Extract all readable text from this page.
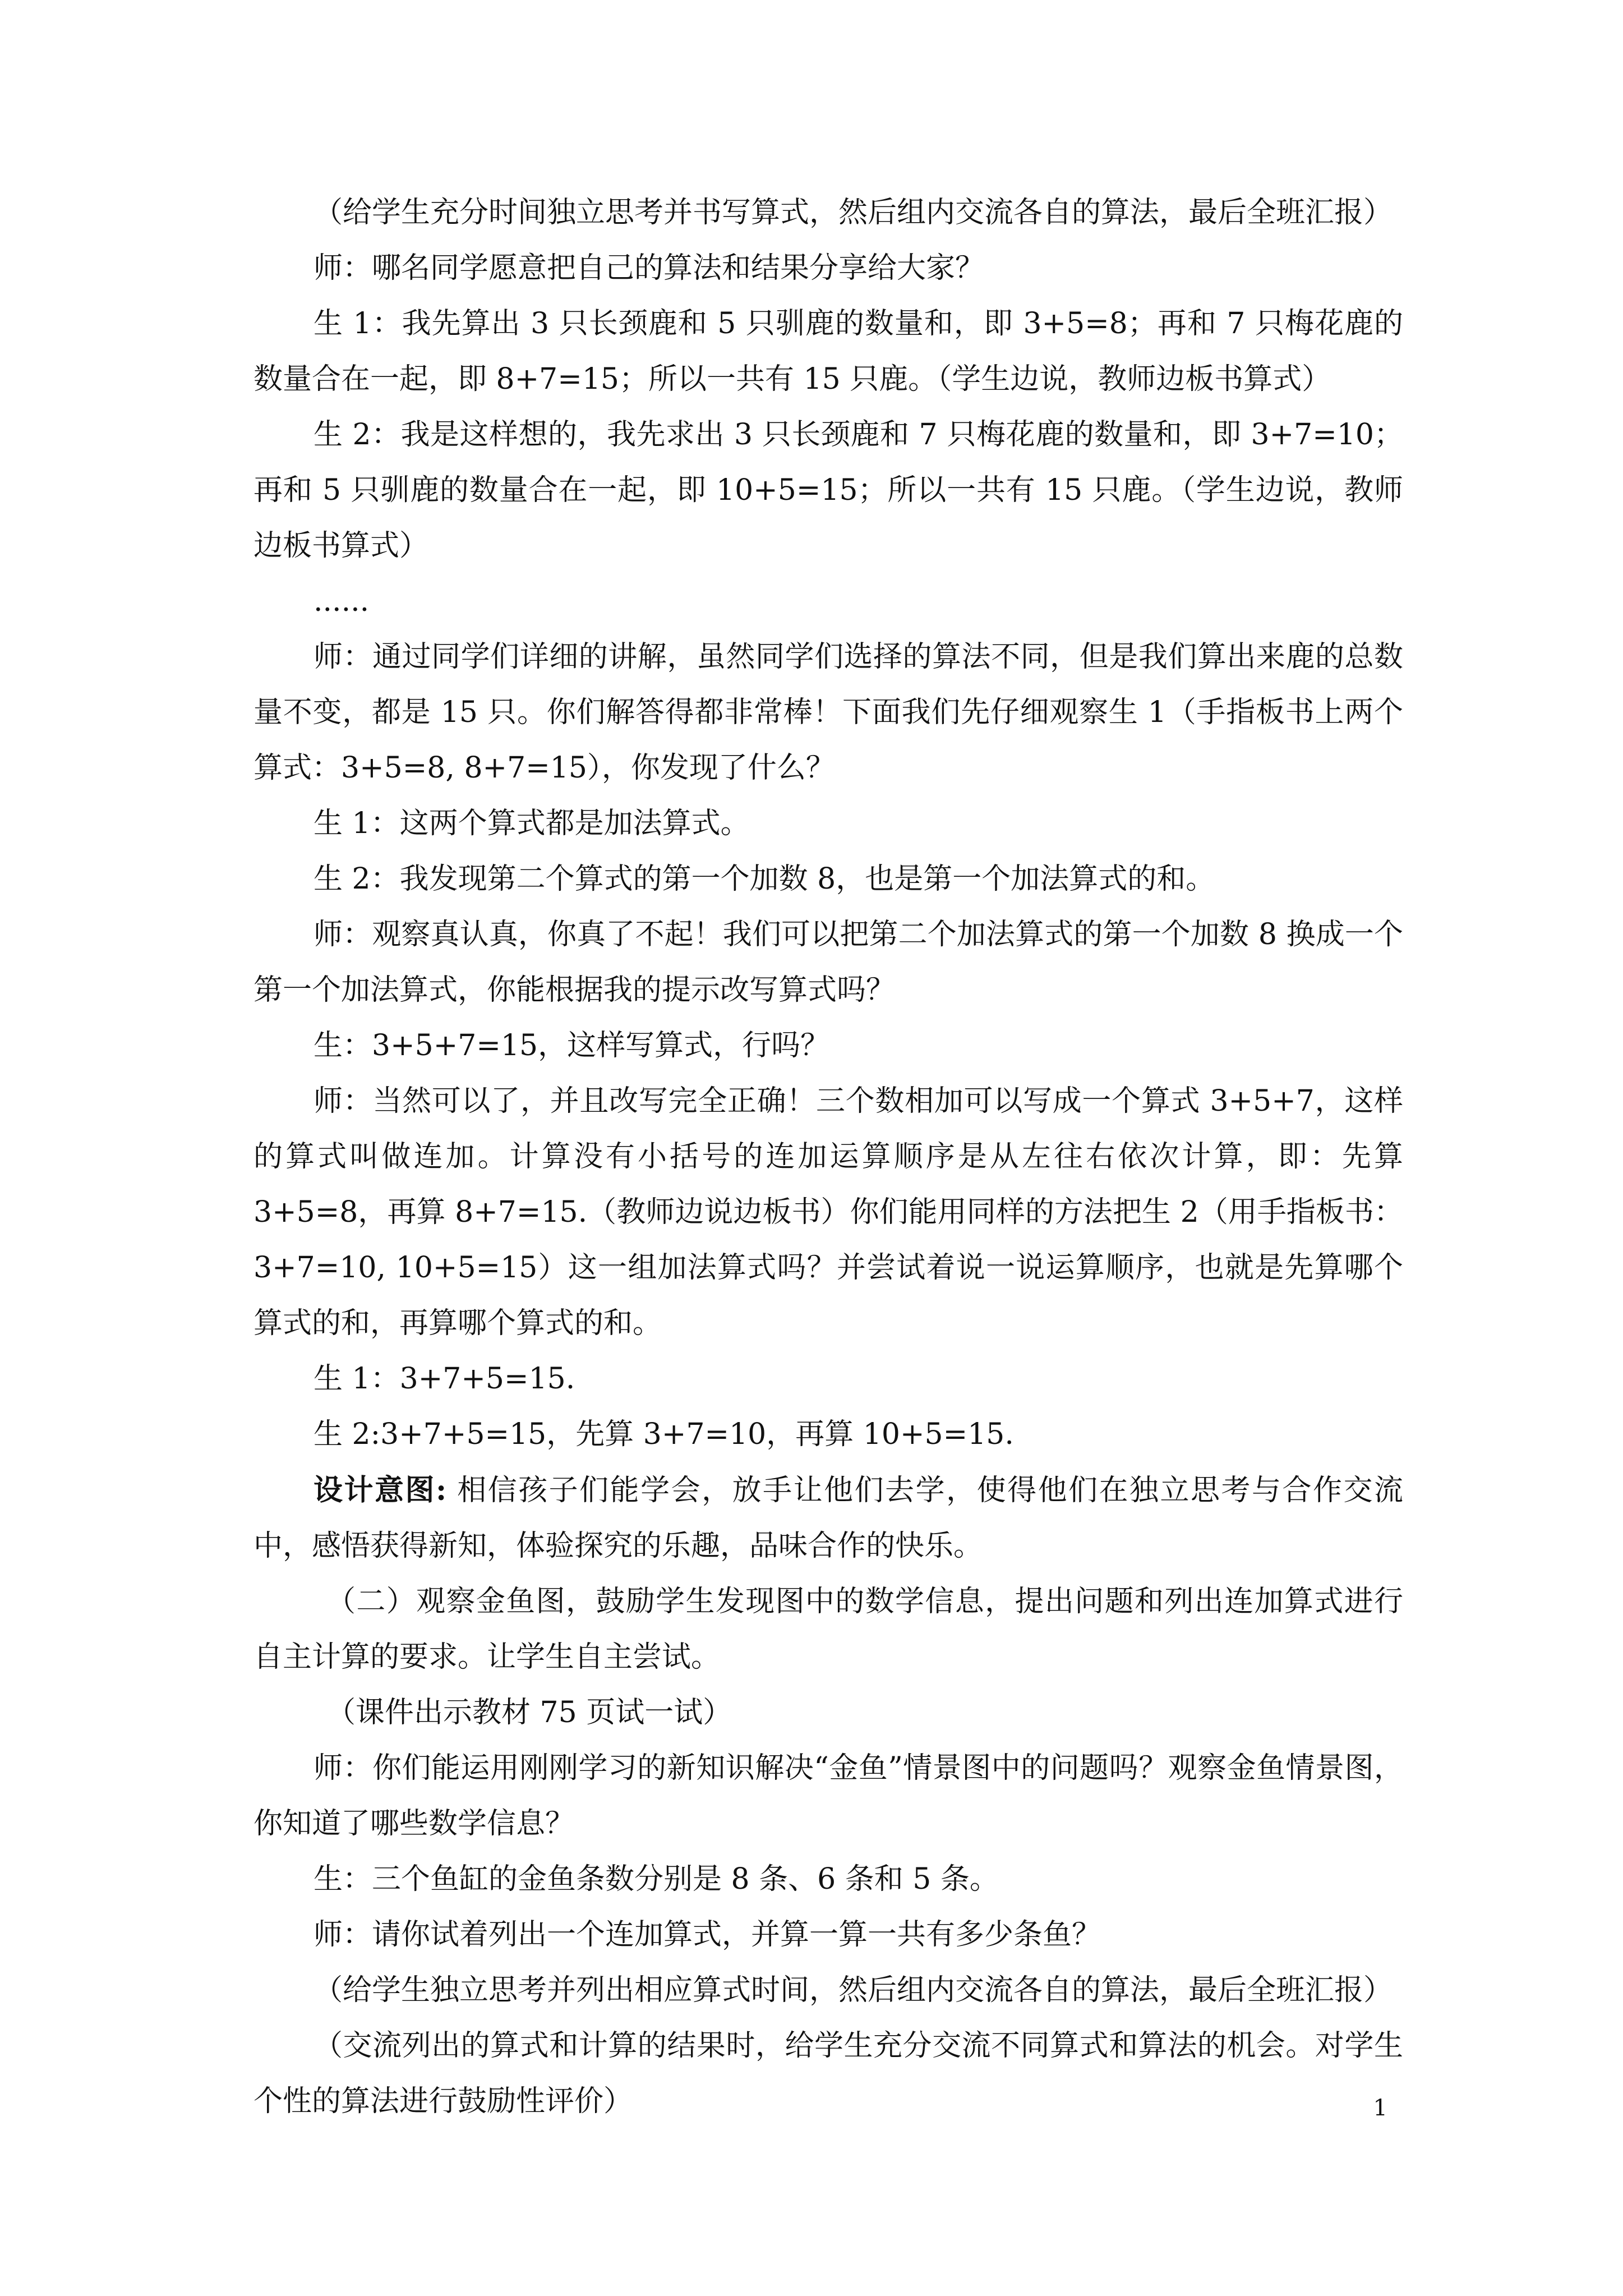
（给学生充分时间独立思考并书写算式，然后组内交流各自的算法，最后全班汇报）

师：哪名同学愿意把自己的算法和结果分享给大家？

生 1：我先算出 3 只长颈鹿和 5 只驯鹿的数量和，即 3+5=8；再和 7 只梅花鹿的数量合在一起，即 8+7=15；所以一共有 15 只鹿。（学生边说，教师边板书算式）

生 2：我是这样想的，我先求出 3 只长颈鹿和 7 只梅花鹿的数量和，即 3+7=10；再和 5 只驯鹿的数量合在一起，即 10+5=15；所以一共有 15 只鹿。（学生边说，教师边板书算式）

......

师：通过同学们详细的讲解，虽然同学们选择的算法不同，但是我们算出来鹿的总数量不变，都是 15 只。你们解答得都非常棒！下面我们先仔细观察生 1（手指板书上两个算式：3+5=8, 8+7=15），你发现了什么？

生 1：这两个算式都是加法算式。

生 2：我发现第二个算式的第一个加数 8，也是第一个加法算式的和。

师：观察真认真，你真了不起！我们可以把第二个加法算式的第一个加数 8 换成一个第一个加法算式，你能根据我的提示改写算式吗？

生：3+5+7=15，这样写算式，行吗？

师：当然可以了，并且改写完全正确！三个数相加可以写成一个算式 3+5+7，这样的算式叫做连加。计算没有小括号的连加运算顺序是从左往右依次计算，即：先算 3+5=8，再算 8+7=15.（教师边说边板书）你们能用同样的方法把生 2（用手指板书：3+7=10, 10+5=15）这一组加法算式吗？并尝试着说一说运算顺序，也就是先算哪个算式的和，再算哪个算式的和。

生 1：3+7+5=15.

生 2:3+7+5=15，先算 3+7=10，再算 10+5=15.

设计意图: 相信孩子们能学会，放手让他们去学，使得他们在独立思考与合作交流中，感悟获得新知，体验探究的乐趣，品味合作的快乐。

（二）观察金鱼图，鼓励学生发现图中的数学信息，提出问题和列出连加算式进行自主计算的要求。让学生自主尝试。

（课件出示教材 75 页试一试）

师：你们能运用刚刚学习的新知识解决“金鱼”情景图中的问题吗？观察金鱼情景图，你知道了哪些数学信息？

生：三个鱼缸的金鱼条数分别是 8 条、6 条和 5 条。

师：请你试着列出一个连加算式，并算一算一共有多少条鱼？

（给学生独立思考并列出相应算式时间，然后组内交流各自的算法，最后全班汇报）

（交流列出的算式和计算的结果时，给学生充分交流不同算式和算法的机会。对学生个性的算法进行鼓励性评价）	1
